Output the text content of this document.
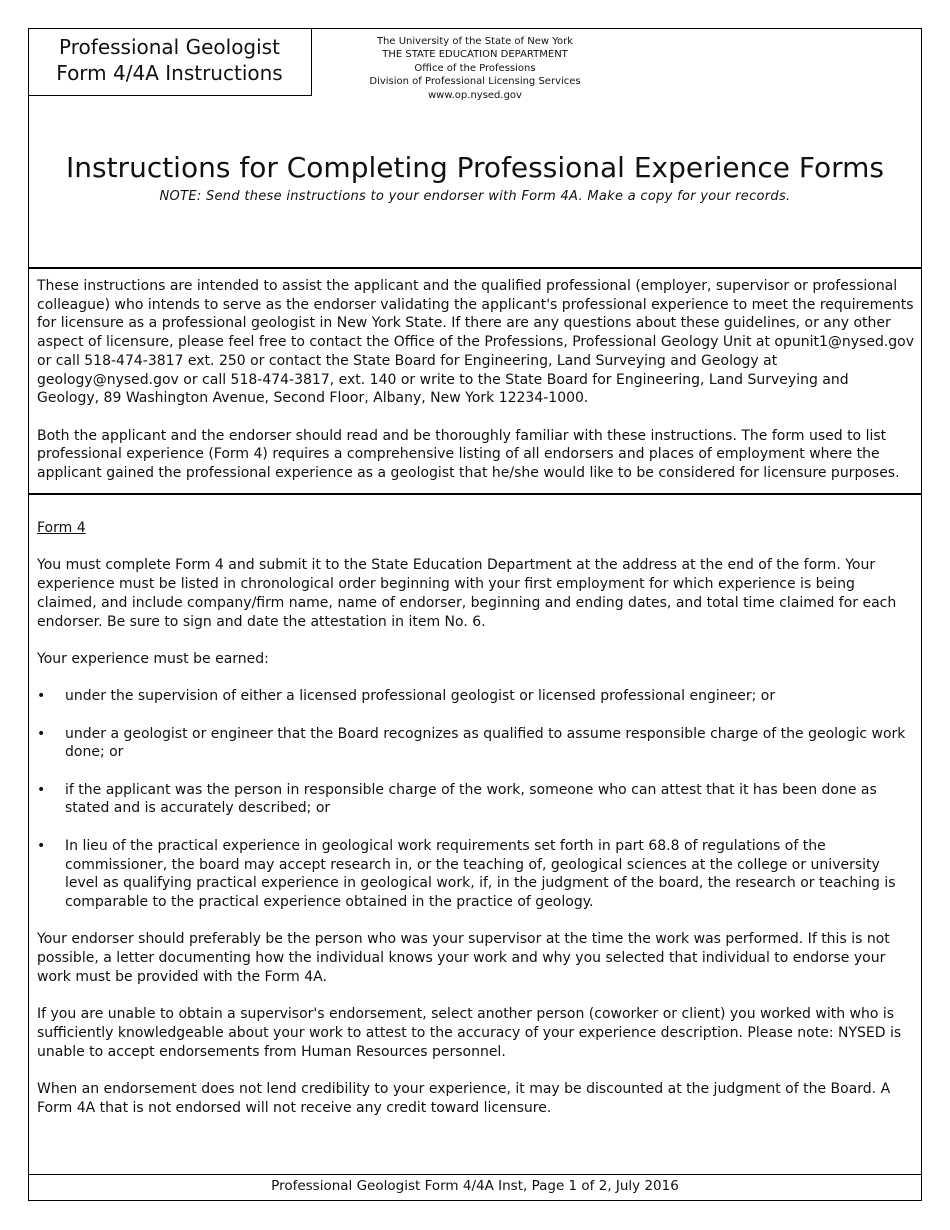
Professional Geologist
Form 4/4A Instructions
The University of the State of New York
THE STATE EDUCATION DEPARTMENT
Office of the Professions
Division of Professional Licensing Services
www.op.nysed.gov
Instructions for Completing Professional Experience Forms
NOTE: Send these instructions to your endorser with Form 4A. Make a copy for your records.

These instructions are intended to assist the applicant and the qualified professional (employer, supervisor or professional colleague) who intends to serve as the endorser validating the applicant's professional experience to meet the requirements for licensure as a professional geologist in New York State. If there are any questions about these guidelines, or any other aspect of licensure, please feel free to contact the Office of the Professions, Professional Geology Unit at opunit1@nysed.gov or call 518-474-3817 ext. 250 or contact the State Board for Engineering, Land Surveying and Geology at geology@nysed.gov or call 518-474-3817, ext. 140 or write to the State Board for Engineering, Land Surveying and Geology, 89 Washington Avenue, Second Floor, Albany, New York 12234-1000.

Both the applicant and the endorser should read and be thoroughly familiar with these instructions. The form used to list professional experience (Form 4) requires a comprehensive listing of all endorsers and places of employment where the applicant gained the professional experience as a geologist that he/she would like to be considered for licensure purposes.

Form 4

You must complete Form 4 and submit it to the State Education Department at the address at the end of the form. Your experience must be listed in chronological order beginning with your first employment for which experience is being claimed, and include company/firm name, name of endorser, beginning and ending dates, and total time claimed for each endorser. Be sure to sign and date the attestation in item No. 6.

Your experience must be earned:

• under the supervision of either a licensed professional geologist or licensed professional engineer; or
• under a geologist or engineer that the Board recognizes as qualified to assume responsible charge of the geologic work done; or
• if the applicant was the person in responsible charge of the work, someone who can attest that it has been done as stated and is accurately described; or
• In lieu of the practical experience in geological work requirements set forth in part 68.8 of regulations of the commissioner, the board may accept research in, or the teaching of, geological sciences at the college or university level as qualifying practical experience in geological work, if, in the judgment of the board, the research or teaching is comparable to the practical experience obtained in the practice of geology.

Your endorser should preferably be the person who was your supervisor at the time the work was performed. If this is not possible, a letter documenting how the individual knows your work and why you selected that individual to endorse your work must be provided with the Form 4A.

If you are unable to obtain a supervisor's endorsement, select another person (coworker or client) you worked with who is sufficiently knowledgeable about your work to attest to the accuracy of your experience description. Please note: NYSED is unable to accept endorsements from Human Resources personnel.

When an endorsement does not lend credibility to your experience, it may be discounted at the judgment of the Board. A Form 4A that is not endorsed will not receive any credit toward licensure.

Professional Geologist Form 4/4A Inst, Page 1 of 2, July 2016
